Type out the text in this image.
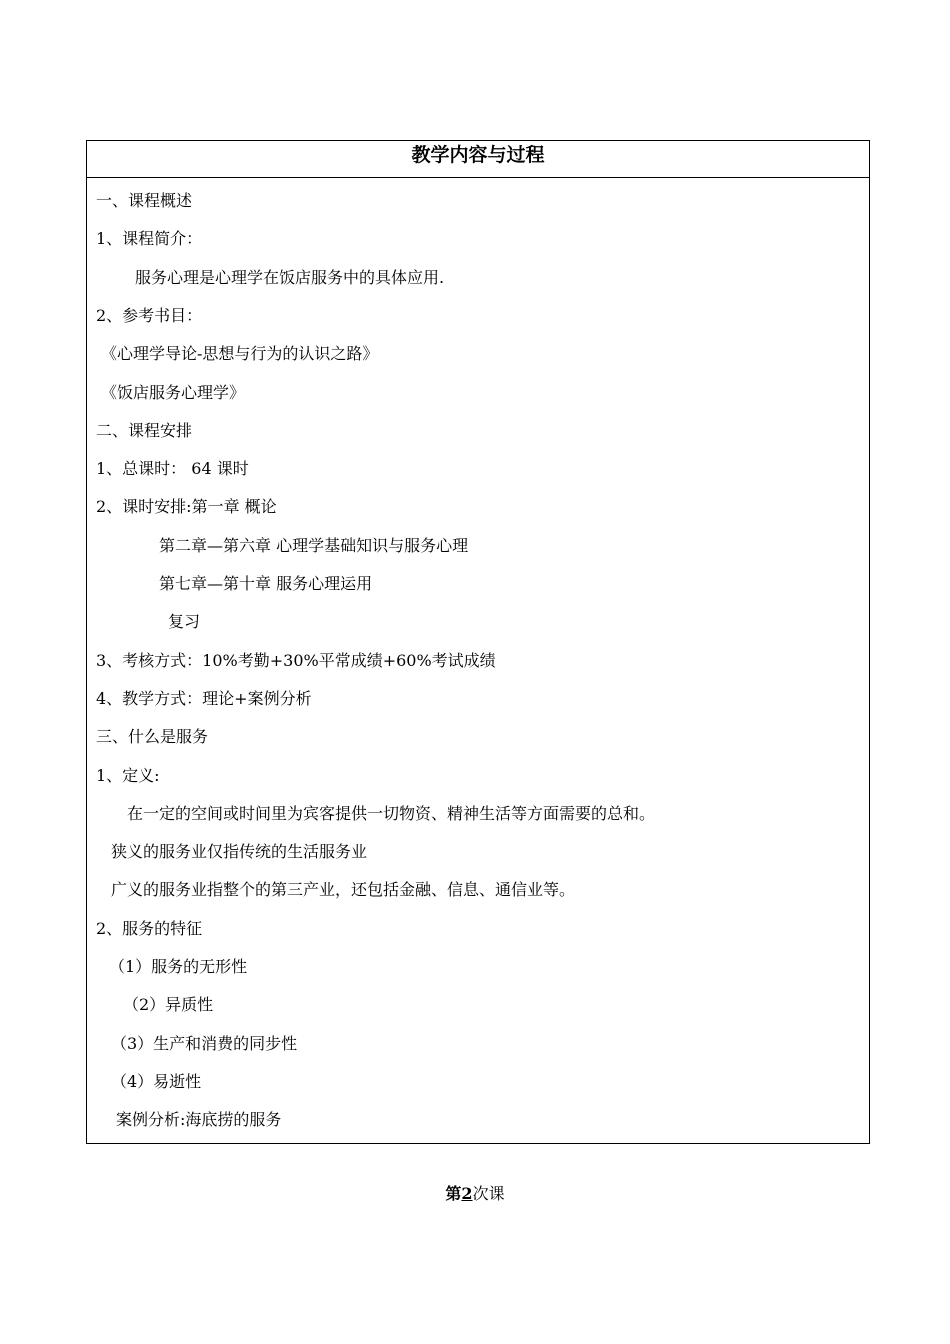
教学内容与过程
一、课程概述
1、课程简介：
服务心理是心理学在饭店服务中的具体应用.
2、参考书目：
《心理学导论-思想与行为的认识之路》
《饭店服务心理学》
二、课程安排
1、总课时： 64 课时
2、课时安排:第一章 概论
第二章—第六章 心理学基础知识与服务心理
第七章—第十章 服务心理运用
复习
3、考核方式：10%考勤+30%平常成绩+60%考试成绩
4、教学方式：理论+案例分析
三、什么是服务
1、定义:
在一定的空间或时间里为宾客提供一切物资、精神生活等方面需要的总和。
狭义的服务业仅指传统的生活服务业
广义的服务业指整个的第三产业，还包括金融、信息、通信业等。
2、服务的特征
（1）服务的无形性
（2）异质性
（3）生产和消费的同步性
（4）易逝性
案例分析:海底捞的服务
第2次课
